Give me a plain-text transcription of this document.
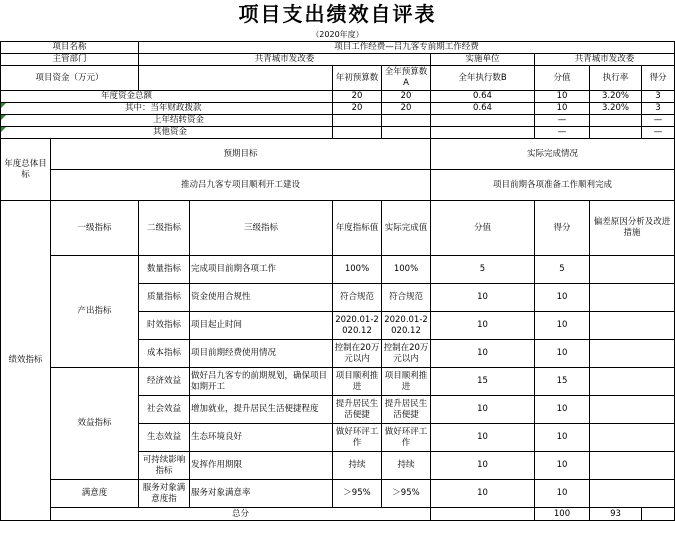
项目支出绩效自评表
（2020年度）
项目名称		项目工作经费—吕九客专前期工作经费							
主管部门		共青城市发改委				实施单位	共青城市发改委		
项目资金（万元）				年初预算数	全年预算数A	全年执行数B	分值	执行率	得分
年度资金总额				20	20	0.64	10	3.20%	3
其中：当年财政拨款				20	20	0.64	10	3.20%	3
上年结转资金							—		—
其他资金							—		—
年度总体目标	预期目标					实际完成情况			
	推动吕九客专项目顺利开工建设					项目前期各项准备工作顺利完成			
绩效指标	一级指标	二级指标	三级指标	年度指标值	实际完成值	分值	得分	偏差原因分析及改进措施	
	产出指标	数量指标	完成项目前期各项工作	100%	100%	5	5		
		质量指标	资金使用合规性	符合规范	符合规范	10	10		
		时效指标	项目起止时间	2020.01-2020.12	2020.01-2020.12	10	10		
		成本指标	项目前期经费使用情况	控制在20万元以内	控制在20万元以内	10	10		
	效益指标	经济效益	做好吕九客专的前期规划，确保项目如期开工	项目顺利推进	项目顺利推进	15	15		
		社会效益	增加就业，提升居民生活便捷程度	提升居民生活便捷	提升居民生活便捷	10	10		
		生态效益	生态环境良好	做好环评工作	做好环评工作	10	10		
		可持续影响指标	发挥作用期限	持续	持续	10	10		
	满意度	服务对象满意度指	服务对象满意率	＞95%	＞95%	10	10		
	总分						100	93	
